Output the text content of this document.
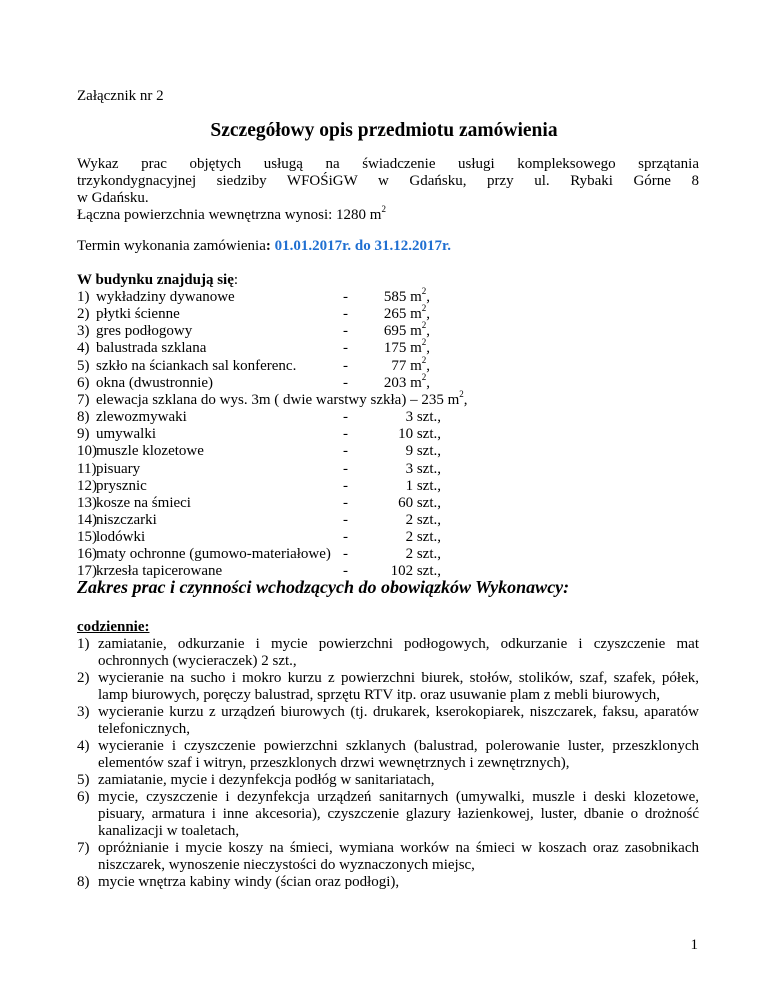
Załącznik nr 2
Szczegółowy opis przedmiotu zamówienia
Wykaz prac objętych usługą na świadczenie usługi kompleksowego sprzątania
trzykondygnacyjnej siedziby WFOŚiGW w Gdańsku, przy ul. Rybaki Górne 8
w Gdańsku.
Łączna powierzchnia wewnętrzna wynosi: 1280 $m^2$
Termin wykonania zamówienia: 01.01.2017r. do 31.12.2017r.
W budynku znajdują się:
1) wykładziny dywanowe	-	585 $m^2$,
2) płytki ścienne	-	265 $m^2$,
3) gres podłogowy	-	695 $m^2$,
4) balustrada szklana	-	175 $m^2$,
5) szkło na ściankach sal konferenc.	-	77 $m^2$,
6) okna (dwustronnie)	-	203 $m^2$,
7) elewacja szklana do wys. 3m ( dwie warstwy szkła) – 235 $m^2$,
8) zlewozmywaki	-	3 szt.,
9) umywalki	-	10 szt.,
10) muszle klozetowe	-	9 szt.,
11) pisuary	-	3 szt.,
12) prysznic	-	1 szt.,
13) kosze na śmieci	-	60 szt.,
14) niszczarki	-	2 szt.,
15) lodówki	-	2 szt.,
16) maty ochronne (gumowo-materiałowe) -	2 szt.,
17) krzesła tapicerowane	-	102 szt.,
Zakres prac i czynności wchodzących do obowiązków Wykonawcy:
codziennie:
1) zamiatanie, odkurzanie i mycie powierzchni podłogowych, odkurzanie i czyszczenie mat ochronnych (wycieraczek) 2 szt.,
2) wycieranie na sucho i mokro kurzu z powierzchni biurek, stołów, stolików, szaf, szafek, półek, lamp biurowych, poręczy balustrad, sprzętu RTV itp. oraz usuwanie plam z mebli biurowych,
3) wycieranie kurzu z urządzeń biurowych (tj. drukarek, kserokopiarek, niszczarek, faksu, aparatów telefonicznych,
4) wycieranie i czyszczenie powierzchni szklanych (balustrad, polerowanie luster, przeszklonych elementów szaf i witryn, przeszklonych drzwi wewnętrznych i zewnętrznych),
5) zamiatanie, mycie i dezynfekcja podłóg w sanitariatach,
6) mycie, czyszczenie i dezynfekcja urządzeń sanitarnych (umywalki, muszle i deski klozetowe, pisuary, armatura i inne akcesoria), czyszczenie glazury łazienkowej, luster, dbanie o drożność kanalizacji w toaletach,
7) opróżnianie i mycie koszy na śmieci, wymiana worków na śmieci w koszach oraz zasobnikach niszczarek, wynoszenie nieczystości do wyznaczonych miejsc,
8) mycie wnętrza kabiny windy (ścian oraz podłogi),
1
